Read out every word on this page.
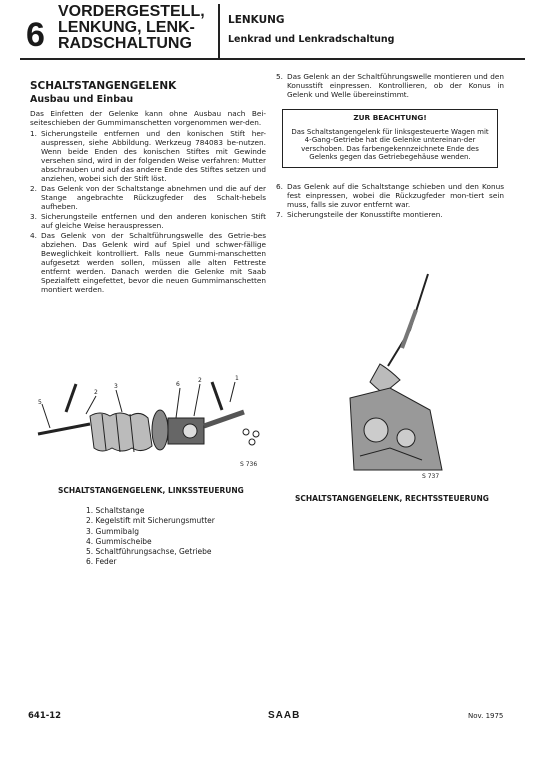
6
VORDERGESTELL,
LENKUNG, LENK-
RADSCHALTUNG
LENKUNG
Lenkrad und Lenkradschaltung
SCHALTSTANGENGELENK
Ausbau und Einbau

Das Einfetten der Gelenke kann ohne Ausbau nach Bei-seiteschieben der Gummimanschetten vorgenommen wer-den.

1. Sicherungsteile entfernen und den konischen Stift her-auspressen, siehe Abbildung. Werkzeug 784083 be-nutzen. Wenn beide Enden des konischen Stiftes mit Gewinde versehen sind, wird in der folgenden Weise verfahren: Mutter abschrauben und auf das andere Ende des Stiftes setzen und anziehen, wobei sich der Stift löst.
2. Das Gelenk von der Schaltstange abnehmen und die auf der Stange angebrachte Rückzugfeder des Schalt-hebels aufheben.
3. Sicherungsteile entfernen und den anderen konischen Stift auf gleiche Weise herauspressen.
4. Das Gelenk von der Schaltführungswelle des Getrie-bes abziehen. Das Gelenk wird auf Spiel und schwer-fällige Beweglichkeit kontrolliert. Falls neue Gummi-manschetten aufgesetzt werden sollen, müssen alle alten Fettreste entfernt werden. Danach werden die Gelenke mit Saab Spezialfett eingefettet, bevor die neuen Gummimanschetten montiert werden.
5. Das Gelenk an der Schaltführungswelle montieren und den Konusstift einpressen. Kontrollieren, ob der Konus in Gelenk und Welle übereinstimmt.
ZUR BEACHTUNG!
Das Schaltstangengelenk für linksgesteuerte Wagen mit 4-Gang-Getriebe hat die Gelenke untereinan-der verschoben. Das farbengekennzeichnete Ende des Gelenks gegen das Getriebegehäuse wenden.
6. Das Gelenk auf die Schaltstange schieben und den Konus fest einpressen, wobei die Rückzugfeder mon-tiert sein muss, falls sie zuvor entfernt war.
7. Sicherungsteile der Konusstifte montieren.
5
2
3	6
2	1
S 736
S 737
SCHALTSTANGENGELENK, LINKSSTEUERUNG
SCHALTSTANGENGELENK, RECHTSSTEUERUNG
1. Schaltstange
2. Kegelstift mit Sicherungsmutter
3. Gummibalg
4. Gummischeibe
5. Schaltführungsachse, Getriebe
6. Feder
641-12	SAAB	Nov. 1975
